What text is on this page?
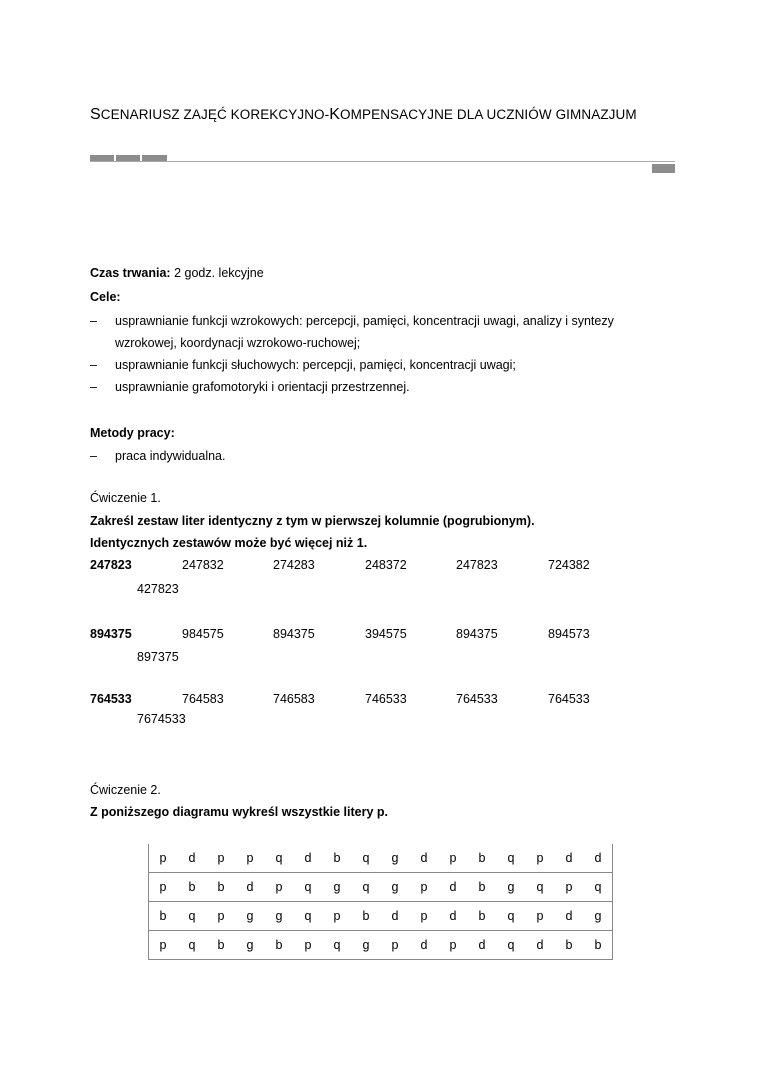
SCENARIUSZ ZAJĘĆ KOREKCYJNO-KOMPENSACYJNE DLA UCZNIÓW GIMNAZJUM
Czas trwania: 2 godz. lekcyjne
Cele:
– usprawnianie funkcji wzrokowych: percepcji, pamięci, koncentracji uwagi, analizy i syntezy
wzrokowej, koordynacji wzrokowo-ruchowej;
– usprawnianie funkcji słuchowych: percepcji, pamięci, koncentracji uwagi;
– usprawnianie grafomotoryki i orientacji przestrzennej.
Metody pracy:
– praca indywidualna.
Ćwiczenie 1.
Zakreśl zestaw liter identyczny z tym w pierwszej kolumnie (pogrubionym).
Identycznych zestawów może być więcej niż 1.
247823	247832	274283	248372	247823	724382
427823
894375	984575	894375	394575	894375	894573
897375
764533	764583	746583	746533	764533	764533
7674533
Ćwiczenie 2.
Z poniższego diagramu wykreśl wszystkie litery p.
p	d	p	p	q	d	b	q	g	d	p	b	q	p	d	d
p	b	b	d	p	q	g	q	g	p	d	b	g	q	p	q
b	q	p	g	g	q	p	b	d	p	d	b	q	p	d	g
p	q	b	g	b	p	q	g	p	d	p	d	q	d	b	b
